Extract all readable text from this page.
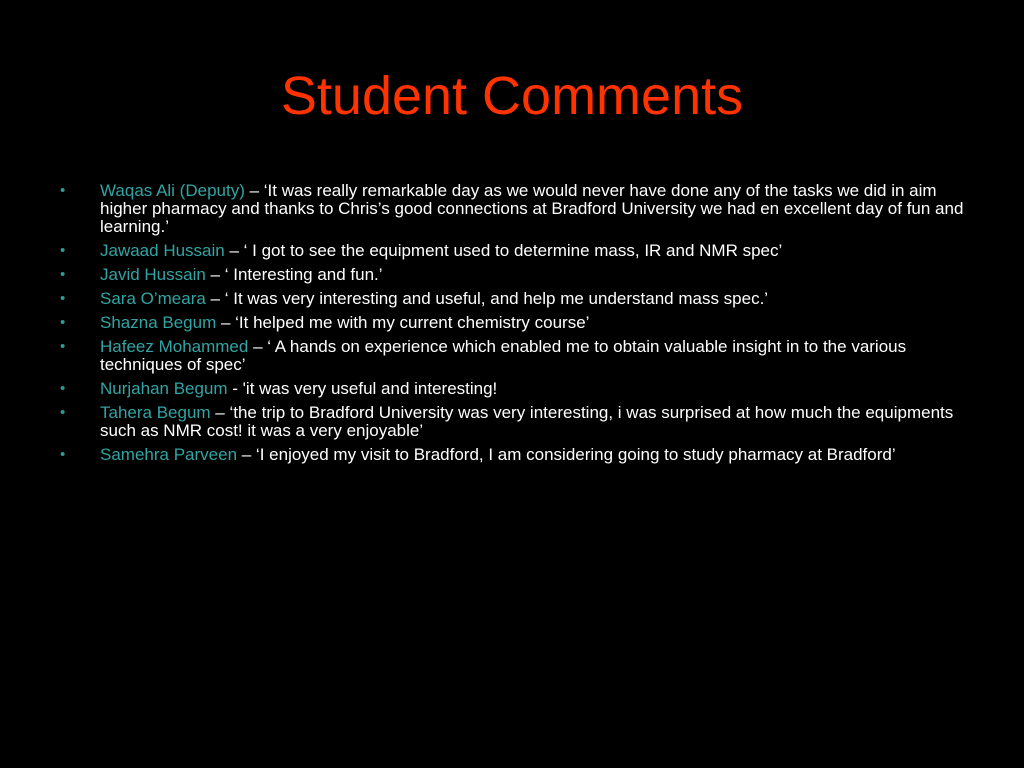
Student Comments
• Waqas Ali (Deputy) – ‘It was really remarkable day as we would never have done any of the tasks we did in aim higher pharmacy and thanks to Chris’s good connections at Bradford University we had en excellent day of fun and learning.’
• Jawaad Hussain – ‘ I got to see the equipment used to determine mass, IR and NMR spec’
• Javid Hussain – ‘ Interesting and fun.’
• Sara O’meara – ‘ It was very interesting and useful, and help me understand mass spec.’
• Shazna Begum – ‘It helped me with my current chemistry course’
• Hafeez Mohammed – ‘ A hands on experience which enabled me to obtain valuable insight in to the various techniques of spec’
• Nurjahan Begum - 'it was very useful and interesting!
• Tahera Begum – ‘the trip to Bradford University was very interesting, i was surprised at how much the equipments such as NMR cost! it was a very enjoyable’
• Samehra Parveen – ‘I enjoyed my visit to Bradford, I am considering going to study pharmacy at Bradford’
